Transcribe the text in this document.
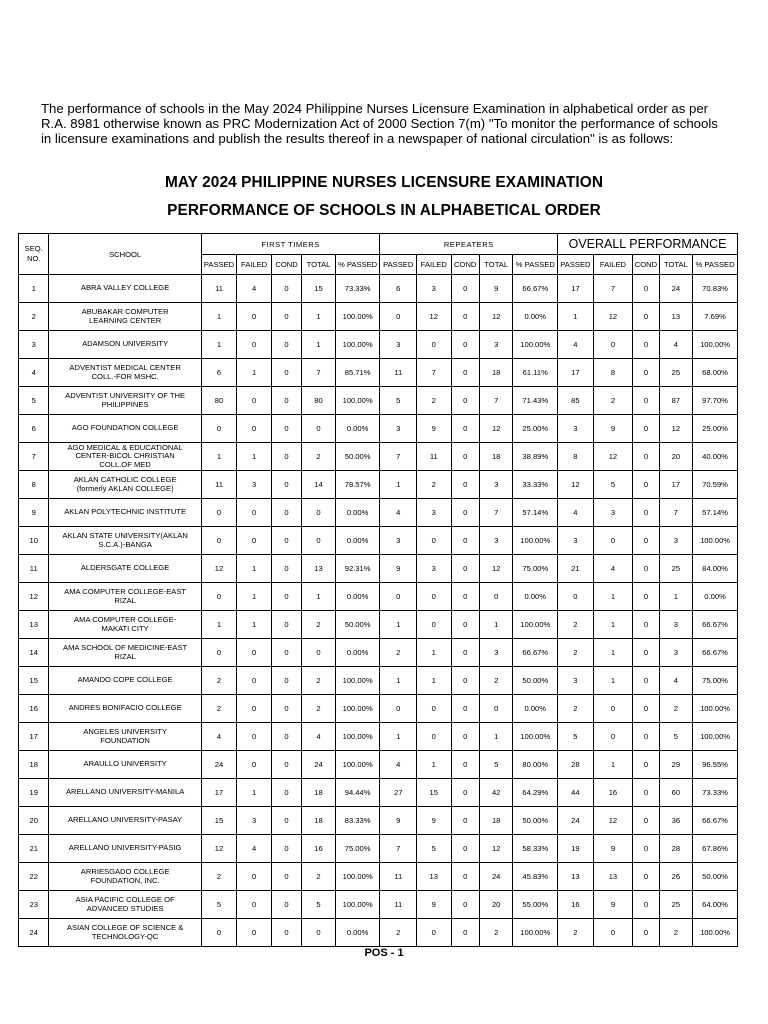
The performance of schools in the May 2024 Philippine Nurses Licensure Examination in alphabetical order as per R.A. 8981 otherwise known as PRC Modernization Act of 2000 Section 7(m) "To monitor the performance of schools in licensure examinations and publish the results thereof in a newspaper of national circulation" is as follows:

MAY 2024 PHILIPPINE NURSES LICENSURE EXAMINATION
PERFORMANCE OF SCHOOLS IN ALPHABETICAL ORDER
SEQ.
NO.	SCHOOL	FIRST TIMERS					REPEATERS					OVERALL PERFORMANCE				
		PASSED	FAILED	COND	TOTAL	% PASSED	PASSED	FAILED	COND	TOTAL	% PASSED	PASSED	FAILED	COND	TOTAL	% PASSED
1	ABRA VALLEY COLLEGE	11	4	0	15	73.33%	6	3	0	9	66.67%	17	7	0	24	70.83%
2	ABUBAKAR COMPUTER
LEARNING CENTER	1	0	0	1	100.00%	0	12	0	12	0.00%	1	12	0	13	7.69%
3	ADAMSON UNIVERSITY	1	0	0	1	100.00%	3	0	0	3	100.00%	4	0	0	4	100.00%
4	ADVENTIST MEDICAL CENTER
COLL.-FOR MSHC.	6	1	0	7	85.71%	11	7	0	18	61.11%	17	8	0	25	68.00%
5	ADVENTIST UNIVERSITY OF THE
PHILIPPINES	80	0	0	80	100.00%	5	2	0	7	71.43%	85	2	0	87	97.70%
6	AGO FOUNDATION COLLEGE	0	0	0	0	0.00%	3	9	0	12	25.00%	3	9	0	12	25.00%
7	AGO MEDICAL & EDUCATIONAL
CENTER-BICOL CHRISTIAN
COLL.OF MED	1	1	0	2	50.00%	7	11	0	18	38.89%	8	12	0	20	40.00%
8	AKLAN CATHOLIC COLLEGE
(formerly AKLAN COLLEGE)	11	3	0	14	78.57%	1	2	0	3	33.33%	12	5	0	17	70.59%
9	AKLAN POLYTECHNIC INSTITUTE	0	0	0	0	0.00%	4	3	0	7	57.14%	4	3	0	7	57.14%
10	AKLAN STATE UNIVERSITY(AKLAN
S.C.A.)-BANGA	0	0	0	0	0.00%	3	0	0	3	100.00%	3	0	0	3	100.00%
11	ALDERSGATE COLLEGE	12	1	0	13	92.31%	9	3	0	12	75.00%	21	4	0	25	84.00%
12	AMA COMPUTER COLLEGE-EAST
RIZAL	0	1	0	1	0.00%	0	0	0	0	0.00%	0	1	0	1	0.00%
13	AMA COMPUTER COLLEGE-
MAKATI CITY	1	1	0	2	50.00%	1	0	0	1	100.00%	2	1	0	3	66.67%
14	AMA SCHOOL OF MEDICINE-EAST
RIZAL	0	0	0	0	0.00%	2	1	0	3	66.67%	2	1	0	3	66.67%
15	AMANDO COPE COLLEGE	2	0	0	2	100.00%	1	1	0	2	50.00%	3	1	0	4	75.00%
16	ANDRES BONIFACIO COLLEGE	2	0	0	2	100.00%	0	0	0	0	0.00%	2	0	0	2	100.00%
17	ANGELES UNIVERSITY
FOUNDATION	4	0	0	4	100.00%	1	0	0	1	100.00%	5	0	0	5	100.00%
18	ARAULLO UNIVERSITY	24	0	0	24	100.00%	4	1	0	5	80.00%	28	1	0	29	96.55%
19	ARELLANO UNIVERSITY-MANILA	17	1	0	18	94.44%	27	15	0	42	64.29%	44	16	0	60	73.33%
20	ARELLANO UNIVERSITY-PASAY	15	3	0	18	83.33%	9	9	0	18	50.00%	24	12	0	36	66.67%
21	ARELLANO UNIVERSITY-PASIG	12	4	0	16	75.00%	7	5	0	12	58.33%	19	9	0	28	67.86%
22	ARRIESGADO COLLEGE
FOUNDATION, INC.	2	0	0	2	100.00%	11	13	0	24	45.83%	13	13	0	26	50.00%
23	ASIA PACIFIC COLLEGE OF
ADVANCED STUDIES	5	0	0	5	100.00%	11	9	0	20	55.00%	16	9	0	25	64.00%
24	ASIAN COLLEGE OF SCIENCE &
TECHNOLOGY-QC	0	0	0	0	0.00%	2	0	0	2	100.00%	2	0	0	2	100.00%
POS - 1
